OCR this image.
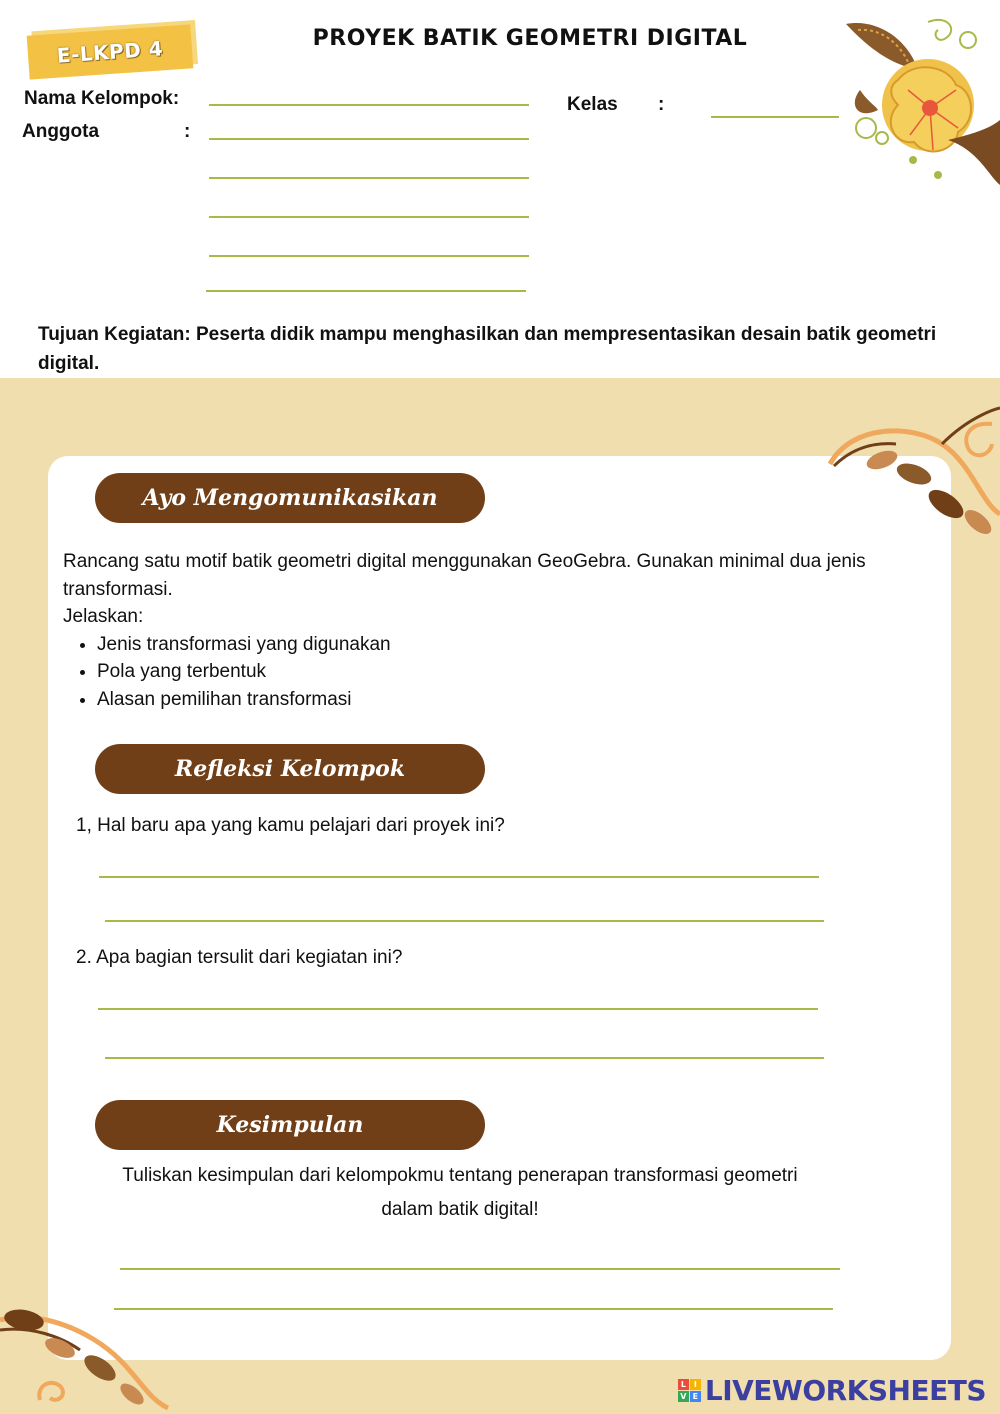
E-LKPD 4	PROYEK BATIK GEOMETRI DIGITAL
Nama Kelompok:	Kelas :
Anggota	:
Tujuan Kegiatan: Peserta didik mampu menghasilkan dan mempresentasikan desain batik geometri digital.
Ayo Mengomunikasikan
Rancang satu motif batik geometri digital menggunakan GeoGebra. Gunakan minimal dua jenis transformasi.
Jelaskan:
• Jenis transformasi yang digunakan
• Pola yang terbentuk
• Alasan pemilihan transformasi
Refleksi Kelompok
1, Hal baru apa yang kamu pelajari dari proyek ini?
2. Apa bagian tersulit dari kegiatan ini?
Kesimpulan
Tuliskan kesimpulan dari kelompokmu tentang penerapan transformasi geometri
dalam batik digital!
L I
V E LIVEWORKSHEETS
